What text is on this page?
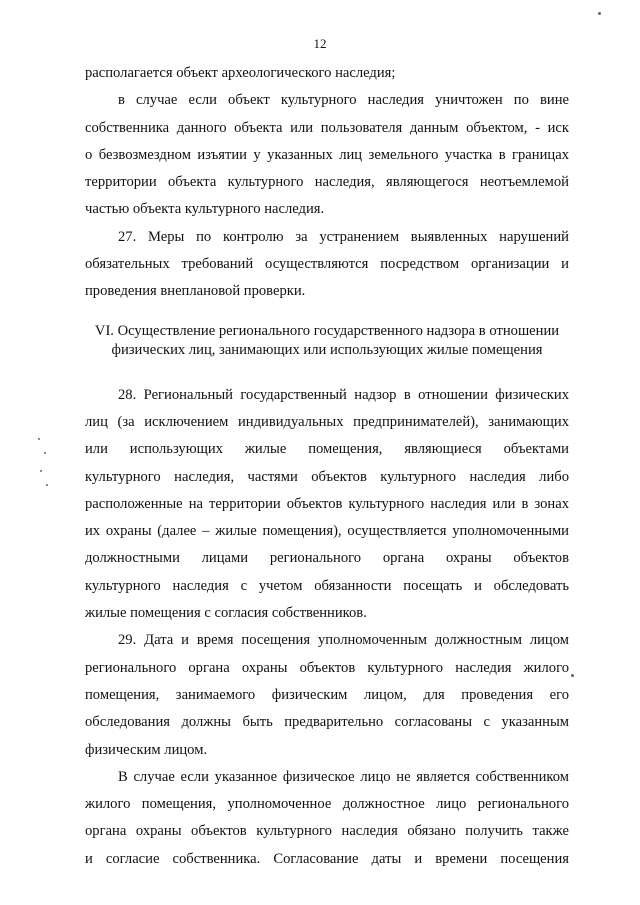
12
располагается объект археологического наследия;
в случае если объект культурного наследия уничтожен по вине
собственника данного объекта или пользователя данным объектом, - иск
о безвозмездном изъятии у указанных лиц земельного участка в границах
территории объекта культурного наследия, являющегося неотъемлемой
частью объекта культурного наследия.
27. Меры по контролю за устранением выявленных нарушений
обязательных требований осуществляются посредством организации и
проведения внеплановой проверки.
VI. Осуществление регионального государственного надзора в отношении
физических лиц, занимающих или использующих жилые помещения
28. Региональный государственный надзор в отношении физических
лиц (за исключением индивидуальных предпринимателей), занимающих
или использующих жилые помещения, являющиеся объектами
культурного наследия, частями объектов культурного наследия либо
расположенные на территории объектов культурного наследия или в зонах
их охраны (далее – жилые помещения), осуществляется уполномоченными
должностными лицами регионального органа охраны объектов
культурного наследия с учетом обязанности посещать и обследовать
жилые помещения с согласия собственников.
29. Дата и время посещения уполномоченным должностным лицом
регионального органа охраны объектов культурного наследия жилого
помещения, занимаемого физическим лицом, для проведения его
обследования должны быть предварительно согласованы с указанным
физическим лицом.
В случае если указанное физическое лицо не является собственником
жилого помещения, уполномоченное должностное лицо регионального
органа охраны объектов культурного наследия обязано получить также
и согласие собственника. Согласование даты и времени посещения
